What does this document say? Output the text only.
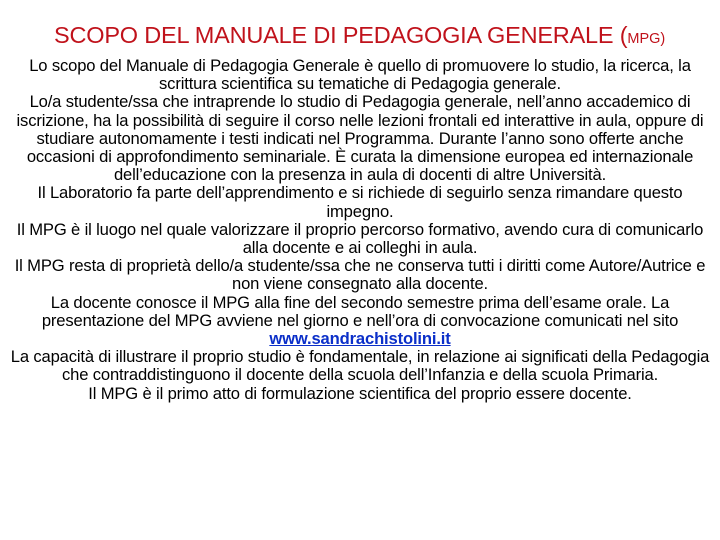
SCOPO DEL MANUALE DI PEDAGOGIA GENERALE (MPG)

Lo scopo del Manuale di Pedagogia Generale è quello di promuovere lo studio, la ricerca, la scrittura scientifica su tematiche di Pedagogia generale.

Lo/a studente/ssa che intraprende lo studio di Pedagogia generale, nell’anno accademico di iscrizione, ha la possibilità di seguire il corso nelle lezioni frontali ed interattive in aula, oppure di studiare autonomamente i testi indicati nel Programma. Durante l’anno sono offerte anche occasioni di approfondimento seminariale. È curata la dimensione europea ed internazionale dell’educazione con la presenza in aula di docenti di altre Università.

Il Laboratorio fa parte dell’apprendimento e si richiede di seguirlo senza rimandare questo impegno.

Il MPG è il luogo nel quale valorizzare il proprio percorso formativo, avendo cura di comunicarlo alla docente e ai colleghi in aula.

Il MPG resta di proprietà dello/a studente/ssa che ne conserva tutti i diritti come Autore/Autrice e non viene consegnato alla docente.

La docente conosce il MPG alla fine del secondo semestre prima dell’esame orale. La presentazione del MPG avviene nel giorno e nell’ora di convocazione comunicati nel sito www.sandrachistolini.it

La capacità di illustrare il proprio studio è fondamentale, in relazione ai significati della Pedagogia che contraddistinguono il docente della scuola dell’Infanzia e della scuola Primaria.

Il MPG è il primo atto di formulazione scientifica del proprio essere docente.
